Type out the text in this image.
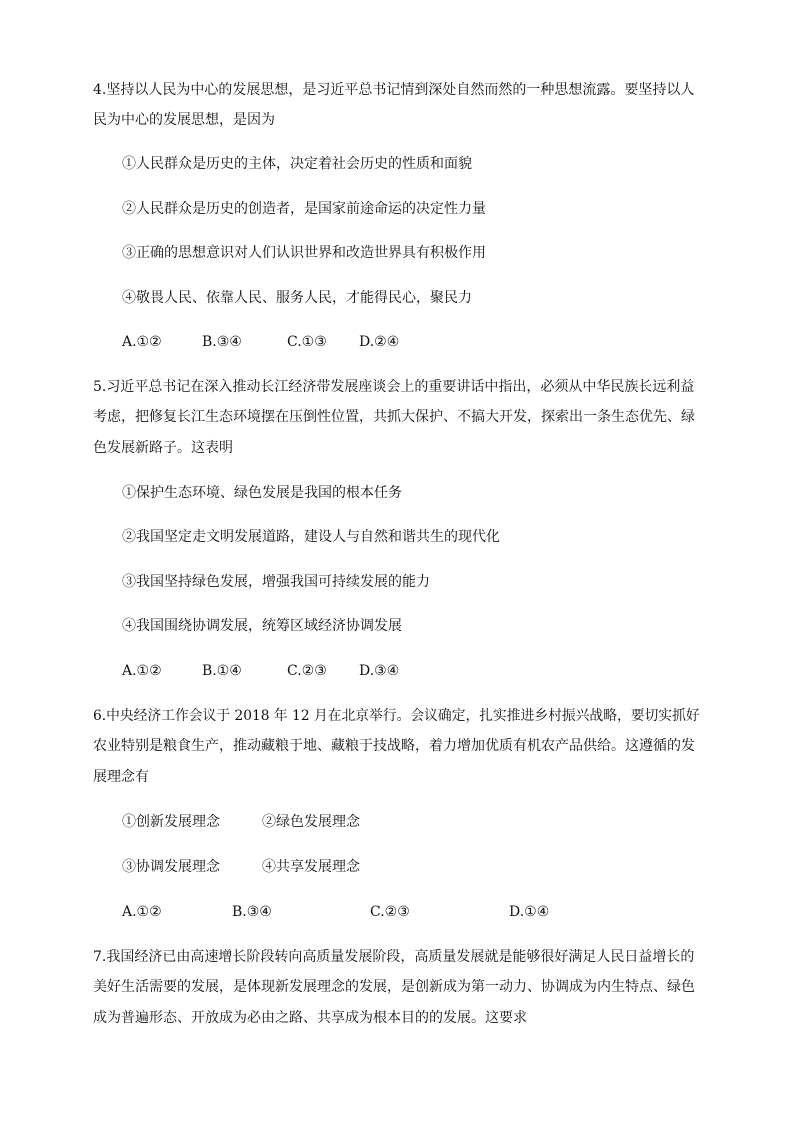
4.坚持以人民为中心的发展思想，是习近平总书记情到深处自然而然的一种思想流露。要坚持以人
民为中心的发展思想，是因为
①人民群众是历史的主体，决定着社会历史的性质和面貌
②人民群众是历史的创造者，是国家前途命运的决定性力量
③正确的思想意识对人们认识世界和改造世界具有积极作用
④敬畏人民、依靠人民、服务人民，才能得民心，聚民力
A.①②	B.③④	C.①③ D.②④
5.习近平总书记在深入推动长江经济带发展座谈会上的重要讲话中指出，必须从中华民族长远利益
考虑，把修复长江生态环境摆在压倒性位置，共抓大保护、不搞大开发，探索出一条生态优先、绿
色发展新路子。这表明
①保护生态环境、绿色发展是我国的根本任务
②我国坚定走文明发展道路，建设人与自然和谐共生的现代化
③我国坚持绿色发展，增强我国可持续发展的能力
④我国围绕协调发展，统筹区域经济协调发展
A.①②	B.①④	C.②③ D.③④
6.中央经济工作会议于 2018 年 12 月在北京举行。会议确定，扎实推进乡村振兴战略，要切实抓好
农业特别是粮食生产，推动藏粮于地、藏粮于技战略，着力增加优质有机农产品供给。这遵循的发
展理念有
①创新发展理念	②绿色发展理念
③协调发展理念	④共享发展理念
A.①②	B.③④	C.②③	D.①④
7.我国经济已由高速增长阶段转向高质量发展阶段，高质量发展就是能够很好满足人民日益增长的
美好生活需要的发展，是体现新发展理念的发展，是创新成为第一动力、协调成为内生特点、绿色
成为普遍形态、开放成为必由之路、共享成为根本目的的发展。这要求
